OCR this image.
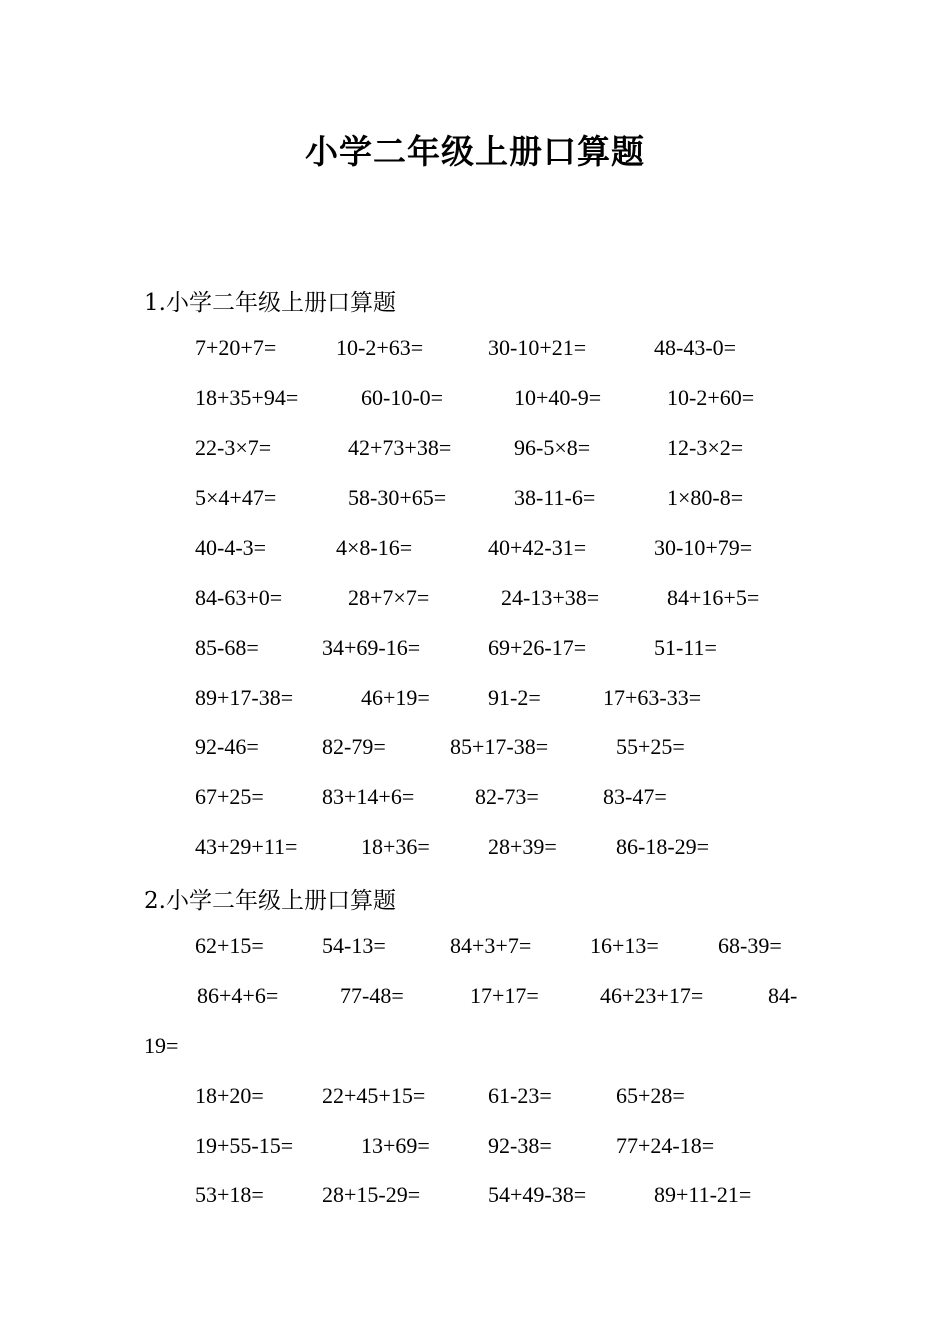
小学二年级上册口算题
1.小学二年级上册口算题
7+20+7=	10-2+63=	30-10+21=	48-43-0=
18+35+94=	60-10-0=	10+40-9=	10-2+60=
22-3×7=	42+73+38=	96-5×8=	12-3×2=
5×4+47=	58-30+65=	38-11-6=	1×80-8=
40-4-3=	4×8-16=	40+42-31=	30-10+79=
84-63+0=	28+7×7=	24-13+38=	84+16+5=
85-68=	34+69-16=	69+26-17=	51-11=
89+17-38=	46+19=	91-2=	17+63-33=
92-46=	82-79=	85+17-38=	55+25=
67+25=	83+14+6=	82-73=	83-47=
43+29+11=	18+36=	28+39=	86-18-29=
2.小学二年级上册口算题
62+15=	54-13=	84+3+7=	16+13=	68-39=
86+4+6=	77-48=	17+17=	46+23+17=	84-
19=
18+20=	22+45+15=	61-23=	65+28=
19+55-15=	13+69=	92-38=	77+24-18=
53+18=	28+15-29=	54+49-38=	89+11-21=
